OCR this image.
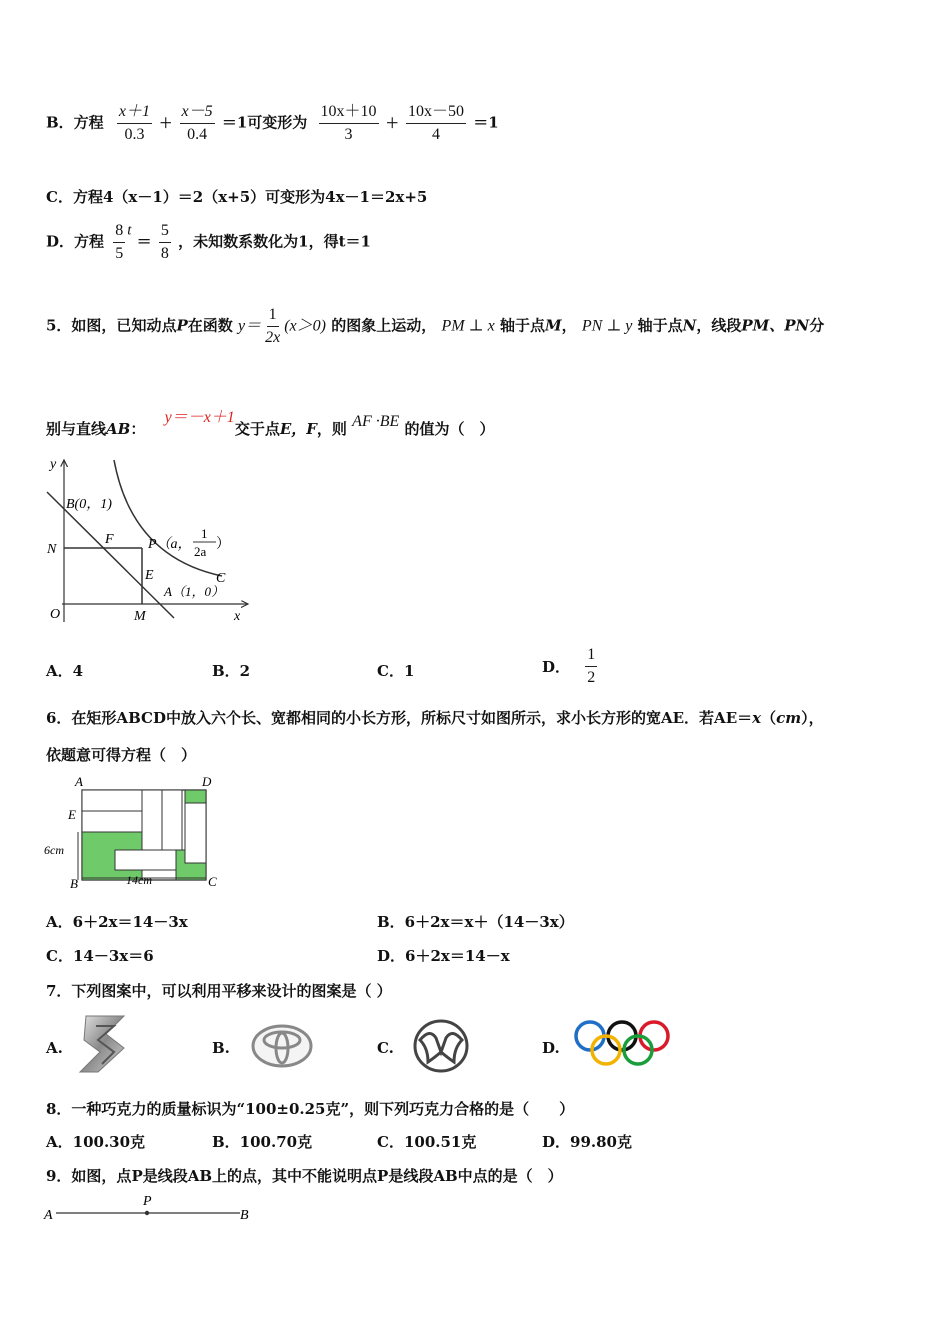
B．方程 $\frac{x+1}{0.3} + \frac{x-5}{0.4} =1$可变形为 $\frac{10x+10}{3} + \frac{10x-50}{4} =1$
C．方程4（x－1）＝2（x+5）可变形为4x－1＝2x+5
D．方程 $\frac{8}{5}$ $t = \frac{5}{8}$ ，未知数系数化为1，得t＝1
5．如图，已知动点P在函数 $y= \frac{1}{2x} (x>0)$ 的图象上运动， PM ⊥ x 轴于点M， PN ⊥ y 轴于点N，线段PM、PN分
别与直线AB： y＝－x＋1交于点E，F，则 AF ·BE 的值为（　）
y
x
O
B(0，1)
N
F P（a，
1
2a ）
E	C
A（1，0）
M
A．4	B．2	C．1	D． $\frac{1}{2}$
6．在矩形ABCD中放入六个长、宽都相同的小长方形，所标尺寸如图所示，求小长方形的宽AE．若AE＝x（cm），
依题意可得方程（　）
A	D
E
6cm
B	14cm	C
A．6＋2x＝14－3x	B．6＋2x＝x＋（14－3x）
C．14－3x＝6	D．6＋2x＝14－x
7．下列图案中，可以利用平移来设计的图案是（ ）
A.	B.	C.	D.
8．一种巧克力的质量标识为“100±0.25克”，则下列巧克力合格的是（　　）
A．100.30克	B．100.70克	C．100.51克	D．99.80克
9．如图，点P是线段AB上的点，其中不能说明点P是线段AB中点的是（　）
A
P
B
